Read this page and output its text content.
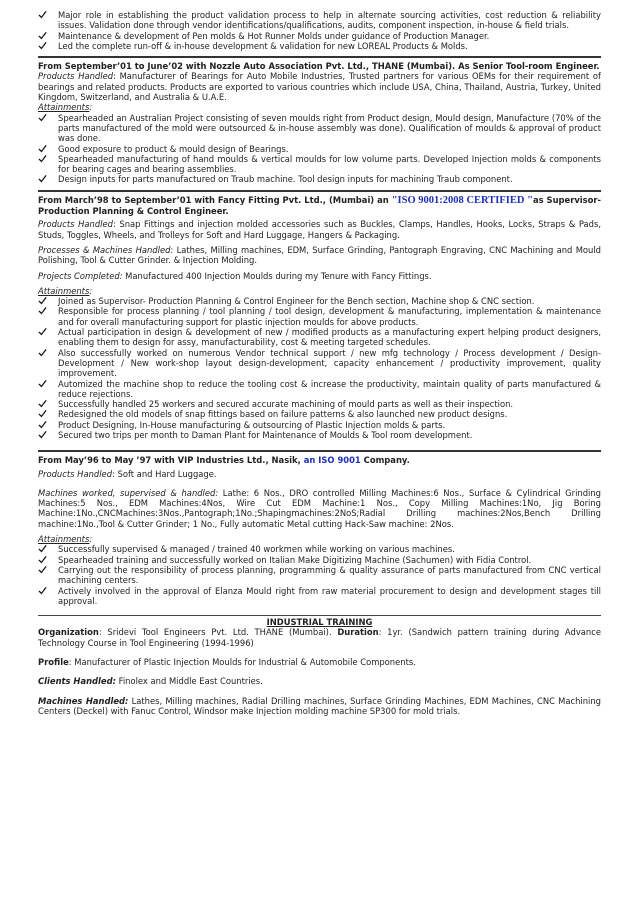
Major role in establishing the product validation process to help in alternate sourcing activities, cost reduction & reliability issues. Validation done through vendor identifications/qualifications, audits, component inspection, in-house & field trials.
Maintenance & development of Pen molds & Hot Runner Molds under guidance of Production Manager.
Led the complete run-off & in-house development & validation for new LOREAL Products & Molds.
From September’01 to June’02 with Nozzle Auto Association Pvt. Ltd., THANE (Mumbai). As Senior Tool-room Engineer.

Products Handled: Manufacturer of Bearings for Auto Mobile Industries, Trusted partners for various OEMs for their requirement of bearings and related products. Products are exported to various countries which include USA, China, Thailand, Austria, Turkey, United Kingdom, Switzerland, and Australia & U.A.E.

Attainments:
Spearheaded an Australian Project consisting of seven moulds right from Product design, Mould design, Manufacture (70% of the parts manufactured of the mold were outsourced & in-house assembly was done). Qualification of moulds & approval of product was done.
Good exposure to product & mould design of Bearings.
Spearheaded manufacturing of hand moulds & vertical moulds for low volume parts. Developed Injection molds & components for bearing cages and bearing assemblies.
Design inputs for parts manufactured on Traub machine. Tool design inputs for machining Traub component.
From March’98 to September’01 with Fancy Fitting Pvt. Ltd., (Mumbai) an "ISO 9001:2008 CERTIFIED "as Supervisor- Production Planning & Control Engineer.

Products Handled: Snap Fittings and injection molded accessories such as Buckles, Clamps, Handles, Hooks, Locks, Straps & Pads, Studs, Toggles, Wheels, and Trolleys for Soft and Hard Luggage, Hangers & Packaging.

Processes & Machines Handled: Lathes, Milling machines, EDM, Surface Grinding, Pantograph Engraving, CNC Machining and Mould Polishing, Tool & Cutter Grinder. & Injection Molding.

Projects Completed: Manufactured 400 Injection Moulds during my Tenure with Fancy Fittings.

Attainments:
Joined as Supervisor- Production Planning & Control Engineer for the Bench section, Machine shop & CNC section.
Responsible for process planning / tool planning / tool design, development & manufacturing, implementation & maintenance and for overall manufacturing support for plastic injection moulds for above products.
Actual participation in design & development of new / modified products as a manufacturing expert helping product designers, enabling them to design for assy, manufacturability, cost & meeting targeted schedules.
Also successfully worked on numerous Vendor technical support / new mfg technology / Process development / Design-Development / New work-shop layout design-development, capacity enhancement / productivity improvement, quality improvement.
Automized the machine shop to reduce the tooling cost & increase the productivity, maintain quality of parts manufactured & reduce rejections.
Successfully handled 25 workers and secured accurate machining of mould parts as well as their inspection.
Redesigned the old models of snap fittings based on failure patterns & also launched new product designs.
Product Designing, In-House manufacturing & outsourcing of Plastic Injection molds & parts.
Secured two trips per month to Daman Plant for Maintenance of Moulds & Tool room development.
From May’96 to May ’97 with VIP Industries Ltd., Nasik, an ISO 9001 Company.

Products Handled: Soft and Hard Luggage.

Machines worked, supervised & handled: Lathe: 6 Nos., DRO controlled Milling Machines:6 Nos., Surface & Cylindrical Grinding Machines:5 Nos., EDM Machines:4Nos, Wire Cut EDM Machine:1 Nos., Copy Milling Machines:1No, Jig Boring Machine:1No.,CNCMachines:3Nos.,Pantograph;1No.;Shapingmachines:2NoS;Radial Drilling machines:2Nos,Bench Drilling machine:1No.,Tool & Cutter Grinder; 1 No., Fully automatic Metal cutting Hack-Saw machine: 2Nos.

Attainments:
Successfully supervised & managed / trained 40 workmen while working on various machines.
Spearheaded training and successfully worked on Italian Make Digitizing Machine (Sachumen) with Fidia Control.
Carrying out the responsibility of process planning, programming & quality assurance of parts manufactured from CNC vertical machining centers.
Actively involved in the approval of Elanza Mould right from raw material procurement to design and development stages till approval.
INDUSTRIAL TRAINING

Organization: Sridevi Tool Engineers Pvt. Ltd. THANE (Mumbai). Duration: 1yr. (Sandwich pattern training during Advance Technology Course in Tool Engineering (1994-1996)

Profile: Manufacturer of Plastic Injection Moulds for Industrial & Automobile Components.

Clients Handled: Finolex and Middle East Countries.

Machines Handled: Lathes, Milling machines, Radial Drilling machines, Surface Grinding Machines, EDM Machines, CNC Machining Centers (Deckel) with Fanuc Control, Windsor make Injection molding machine SP300 for mold trials.
